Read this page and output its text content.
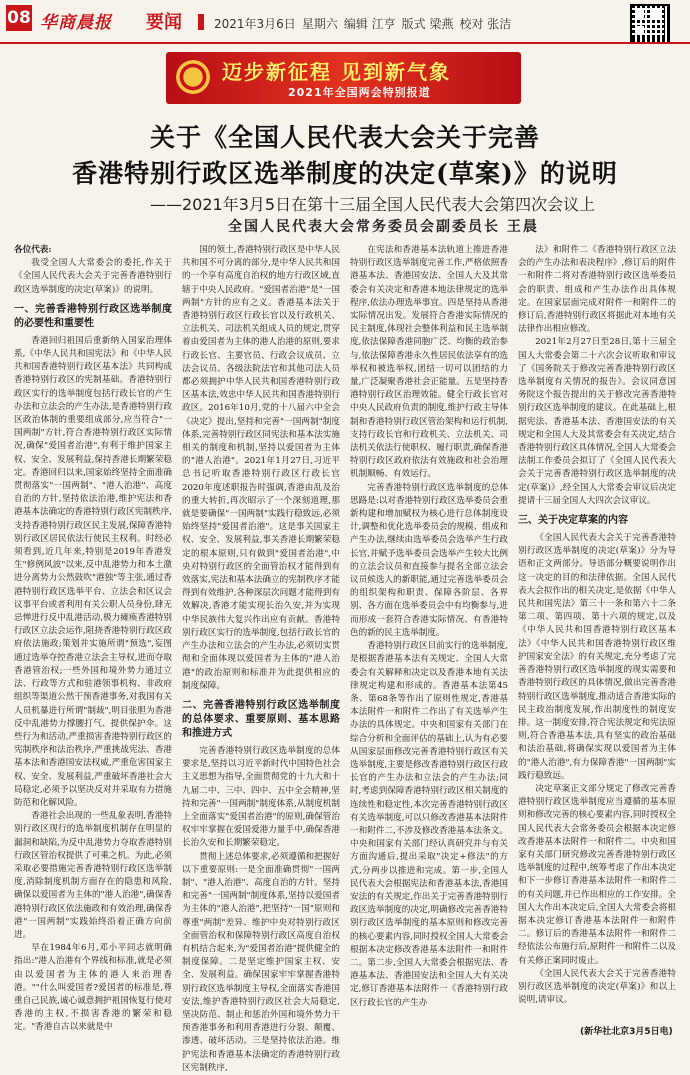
08 华商晨报 要闻	2021年3月6日 星期六 编辑 江亨 版式 梁燕 校对 张洁
迈步新征程 见到新气象
2021年全国两会特别报道
关于《全国人民代表大会关于完善
香港特别行政区选举制度的决定(草案)》的说明
——2021年3月5日在第十三届全国人民代表大会第四次会议上
全国人民代表大会常务委员会副委员长 王晨

各位代表:

我受全国人大常委会的委托,作关于《全国人民代表大会关于完善香港特别行政区选举制度的决定(草案)》的说明。

一、完善香港特别行政区选举制度的必要性和重要性

香港回归祖国后重新纳入国家治理体系,《中华人民共和国宪法》和《中华人民共和国香港特别行政区基本法》共同构成香港特别行政区的宪制基础。香港特别行政区实行的选举制度包括行政长官的产生办法和立法会的产生办法,是香港特别行政区政治体制的重要组成部分,应当符合"一国两制"方针,符合香港特别行政区实际情况,确保"爱国者治港",有利于维护国家主权、安全、发展利益,保持香港长期繁荣稳定。香港回归以来,国家始终坚持全面准确贯彻落实"一国两制"、"港人治港"、高度自治的方针,坚持依法治港,维护宪法和香港基本法确定的香港特别行政区宪制秩序,支持香港特别行政区民主发展,保障香港特别行政区居民依法行使民主权利。时经必须看到,近几年来,特别是2019年香港发生"修例风波"以来,反中乱港势力和本土激进分离势力公然鼓吹"港独"等主张,通过香港特别行政区选举平台、立法会和区议会议事平台或者利用有关公职人员身份,肆无忌惮进行反中乱港活动,极力瘫痪香港特别行政区立法会运作,阻挠香港特别行政区政府依法施政;策划并实施所谓"预选",妄图通过选举夺控香港立法会主导权,进而夺取香港管治权;一些外国和境外势力通过立法、行政等方式和驻港领事机构、非政府组织等渠道公然干预香港事务,对我国有关人员机暴进行所谓"制裁",明目张胆为香港反中乱港势力撑腰打气、提供保护伞。这些行为和活动,严重损害香港特别行政区的宪制秩序和法治秩序,严重挑战宪法、香港基本法和香港国安法权威,严重危害国家主权、安全、发展利益,严重破坏香港社会大局稳定,必须予以坚决反对并采取有力措施防范和化解风险。

香港社会出现的一些乱象表明,香港特别行政区现行的选举制度机制存在明显的漏洞和缺陷,为反中乱港势力夺取香港特别行政区管治权提供了可乘之机。为此,必须采取必要措施完善香港特别行政区选举制度,消除制度机制方面存在的隐患和风险,确保以爱国者为主体的"港人治港",确保香港特别行政区依法施政和有效治理,确保香港"一国两制"实践始终沿着正确方向前进。

早在1984年6月,邓小平同志就明确指出:"港人治港有个界线和标准,就是必须由以爱国者为主体的港人来治理香港。""什么叫爱国者?爱国者的标准是,尊重自己民族,诚心诚意拥护祖国恢复行使对香港的主权,不损害香港的繁荣和稳定。"香港自古以来就是中

国的领土,香港特别行政区是中华人民共和国不可分离的部分,是中华人民共和国的一个享有高度自治权的地方行政区域,直辖于中央人民政府。"爱国者治港"是"一国两制"方针的应有之义。香港基本法关于香港特别行政区行政长官以及行政机关、立法机关、司法机关组成人员的规定,贯穿着由爱国者为主体的港人治港的原则,要求行政长官、主要官员、行政会议成员、立法会议员、各级法院法官和其他司法人员都必须拥护中华人民共和国香港特别行政区基本法,效忠中华人民共和国香港特别行政区。2016年10月,党的十八届六中全会《决定》提出,坚持和完善"一国两制"制度体系,完善特别行政区同宪法和基本法实施相关的制度和机制,坚持以爱国者为主体的"港人治港"。2021年1月27日,习近平总书记听取香港特别行政区行政长官2020年度述职报告时强调,香港由乱及治的重大转折,再次昭示了一个深刻道理,那就是要确保"一国两制"实践行稳致远,必须始终坚持"爱国者治港"。这是事关国家主权、安全、发展利益,事关香港长期繁荣稳定的根本原则,只有做到"爱国者治港",中央对特别行政区的全面管治权才能得到有效落实,宪法和基本法确立的宪制秩序才能得到有效维护,各种深层次问题才能得到有效解决,香港才能实现长治久安,并为实现中华民族伟大复兴作出应有贡献。香港特别行政区实行的选举制度,包括行政长官的产生办法和立法会的产生办法,必须切实贯彻和全面体现以爱国者为主体的"港人治港"的政治原则和标准并为此提供相应的制度保障。

二、完善香港特别行政区选举制度的总体要求、重要原则、基本思路和推进方式

完善香港特别行政区选举制度的总体要求是,坚持以习近平新时代中国特色社会主义思想为指导,全面贯彻党的十九大和十九届二中、三中、四中、五中全会精神,坚持和完善"一国两制"制度体系,从制度机制上全面落实"爱国者治港"的原则,确保管治权牢牢掌握在爱国爱港力量手中,确保香港长治久安和长期繁荣稳定。

贯彻上述总体要求,必须遵循和把握好以下重要原则:一是全面准确贯彻"一国两制"、"港人治港"、高度自治的方针。坚持和完善"一国两制"制度体系,坚持以爱国者为主体的"港人治港",把坚持"一国"原则和尊重"两制"差异、维护中央对特别行政区全面管治权和保障特别行政区高度自治权有机结合起来,为"爱国者治港"提供健全的制度保障。二是坚定维护国家主权、安全、发展利益。确保国家牢牢掌握香港特别行政区选举制度主导权,全面落实香港国安法,维护香港特别行政区社会大局稳定,坚决防范、制止和惩治外国和境外势力干预香港事务和利用香港进行分裂、颠覆、渗透、破坏活动。三是坚持依法治港。维护宪法和香港基本法确定的香港特别行政区宪制秩序,

在宪法和香港基本法轨道上推进香港特别行政区选举制度完善工作,严格依照香港基本法、香港国安法、全国人大及其常委会有关决定和香港本地法律规定的选举程序,依法办理选举事宜。四是坚持从香港实际情况出发。发展符合香港实际情况的民主制度,体现社会整体利益和民主选举制度,依法保障香港同胞广泛、均衡的政治参与,依法保障香港永久性居民依法享有的选举权和被选举权,团结一切可以团结的力量,广泛凝聚香港社会正能量。五是坚持香港特别行政区治理效能。健全行政长官对中央人民政府负责的制度,维护行政主导体制和香港特别行政区管治架构和运行机制,支持行政长官和行政机关、立法机关、司法机关依法行使职权、履行职责,确保香港特别行政区政府依法有效施政和社会治理机制顺畅、有效运行。

完善香港特别行政区选举制度的总体思路是:以对香港特别行政区选举委员会重新构建和增加赋权为核心进行总体制度设计,调整和优化选举委员会的规模、组成和产生办法,继续由选举委员会选举产生行政长官,并赋予选举委员会选举产生较大比例的立法会议员和直接参与提名全部立法会议员候选人的新职能,通过完善选举委员会的组织架构和职责、保障各阶层、各界别、各方面在选举委员会中有均衡参与,进而形成一套符合香港实际情况、有香港特色的新的民主选举制度。

香港特别行政区目前实行的选举制度,是根据香港基本法有关规定、全国人大常委会有关解释和决定以及香港本地有关法律规定构建和形成的。香港基本法第45条、第68条等作出了原则性规定,香港基本法附件一和附件二作出了有关选举产生办法的具体规定。中央和国家有关部门在综合分析和全面评估的基础上,认为有必要从国家层面修改完善香港特别行政区有关选举制度,主要是修改香港特别行政区行政长官的产生办法和立法会的产生办法;同时,考虑到保障香港特别行政区相关制度的连续性和稳定性,本次完善香港特别行政区有关选举制度,可以只修改香港基本法附件一和附件二,不涉及修改香港基本法条文。中央和国家有关部门经认真研究并与有关方面沟通后,提出采取"决定+修法"的方式,分两步以推进和完成。第一步,全国人民代表大会根据宪法和香港基本法,香港国安法的有关规定,作出关于完善香港特别行政区选举制度的决定,明确修改完善香港特别行政区选举制度的基本原则和修改完善的核心要素内容,同时授权全国人大常委会根据本决定修改香港基本法附件一和附件二。第二步,全国人大常委会根据宪法、香港基本法、香港国安法和全国人大有关决定,修订香港基本法附件一《香港特别行政区行政长官的产生办

法》和附件二《香港特别行政区立法会的产生办法和表决程序》,修订后的附件一和附件二将对香港特别行政区选举委员会的职责、组成和产生办法作出具体规定。在国家层面完成对附件一和附件二的修订后,香港特别行政区将据此对本地有关法律作出相应修改。

2021年2月27日至28日,第十三届全国人大常委会第二十六次会议听取和审议了《国务院关于修改完善香港特别行政区选举制度有关情况的报告》。会议同意国务院这个报告提出的关于修改完善香港特别行政区选举制度的建议。在此基础上,根据宪法、香港基本法、香港国安法的有关规定和全国人大及其常委会有关决定,结合香港特别行政区具体情况,全国人大常委会法制工作委员会拟订了《全国人民代表大会关于完善香港特别行政区选举制度的决定(草案)》,经全国人大常委会审议后决定提请十三届全国人大四次会议审议。

三、关于决定草案的内容

《全国人民代表大会关于完善香港特别行政区选举制度的决定(草案)》分为导语和正文两部分。导语部分概要说明作出这一决定的目的和法律依据。全国人民代表大会拟作出的相关决定,是依据《中华人民共和国宪法》第三十一条和第六十二条第二项、第四项、第十六项的规定,以及《中华人民共和国香港特别行政区基本法》《中华人民共和国香港特别行政区维护国家安全法》的有关规定,充分考虑了完善香港特别行政区选举制度的现实需要和香港特别行政区的具体情况,做出完善香港特别行政区选举制度,推动适合香港实际的民主政治制度发展,作出制度性的制度安排。这一制度安排,符合宪法规定和宪法原则,符合香港基本法,具有坚实的政治基础和法治基础,将确保实现以爱国者为主体的"港人治港",有力保障香港"一国两制"实践行稳致远。

决定草案正文部分规定了修改完善香港特别行政区选举制度应当遵循的基本原则和修改完善的核心要素内容,同时授权全国人民代表大会常务委员会根据本决定修改香港基本法附件一和附件二。中央和国家有关部门研究修改完善香港特别行政区选举制度的过程中,统筹考虑了作出本决定和下一步修订香港基本法附件一和附件二的有关问题,并已作出相应的工作安排。全国人大作出本决定后,全国人大常委会将根据本决定修订香港基本法附件一和附件二。修订后的香港基本法附件一和附件二经依法公布施行后,原附件一和附件二以及有关修正案同时废止。

《全国人民代表大会关于完善香港特别行政区选举制度的决定(草案)》和以上说明,请审议。

(新华社北京3月5日电)
